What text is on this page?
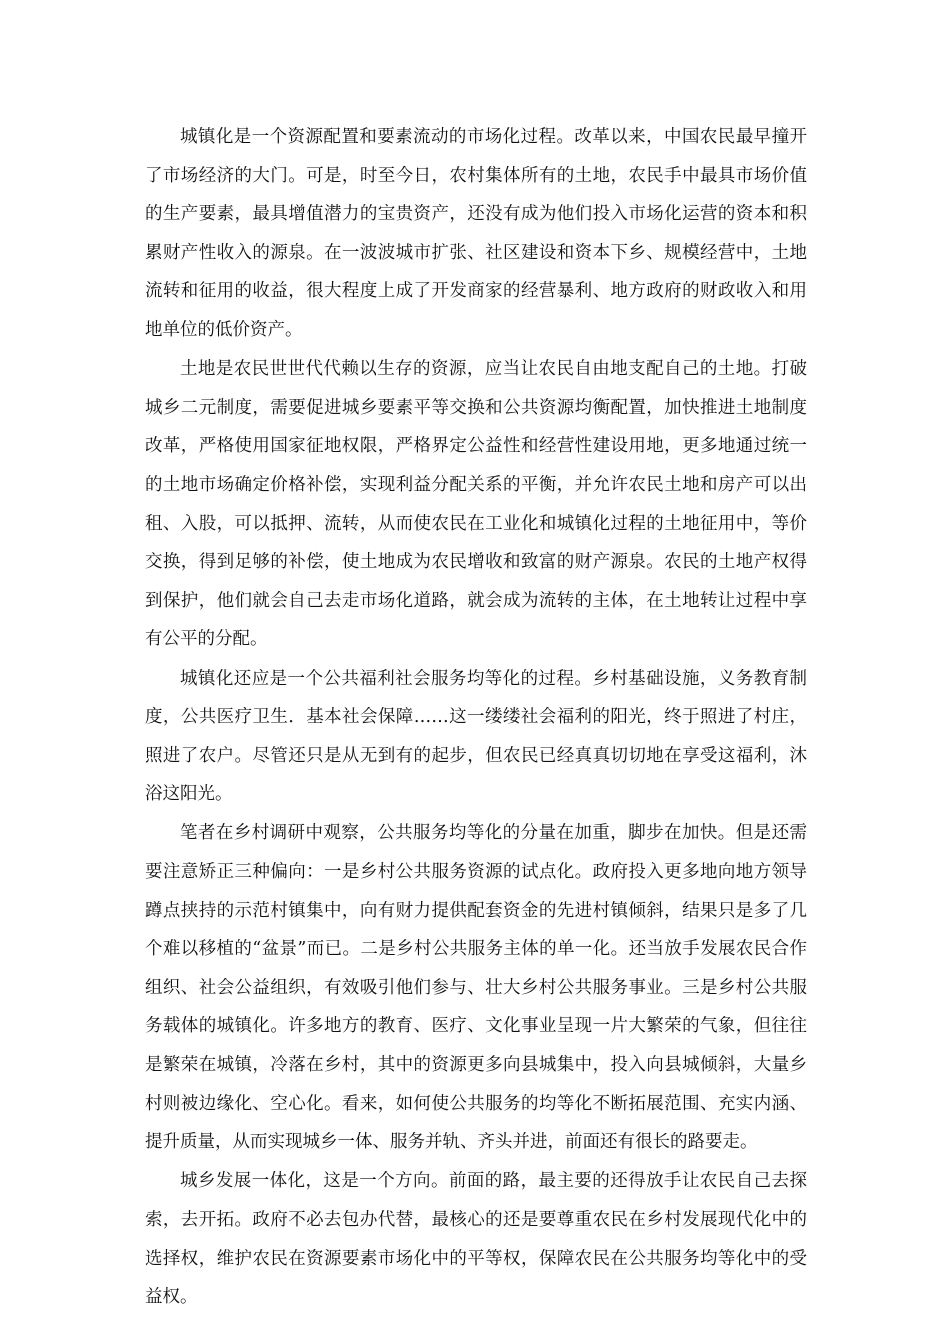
城镇化是一个资源配置和要素流动的市场化过程。改革以来，中国农民最早撞开了市场经济的大门。可是，时至今日，农村集体所有的土地，农民手中最具市场价值的生产要素，最具增值潜力的宝贵资产，还没有成为他们投入市场化运营的资本和积累财产性收入的源泉。在一波波城市扩张、社区建设和资本下乡、规模经营中，土地流转和征用的收益，很大程度上成了开发商家的经营暴利、地方政府的财政收入和用地单位的低价资产。

土地是农民世世代代赖以生存的资源，应当让农民自由地支配自己的土地。打破城乡二元制度，需要促进城乡要素平等交换和公共资源均衡配置，加快推进土地制度改革，严格使用国家征地权限，严格界定公益性和经营性建设用地，更多地通过统一的土地市场确定价格补偿，实现利益分配关系的平衡，并允许农民土地和房产可以出租、入股，可以抵押、流转，从而使农民在工业化和城镇化过程的土地征用中，等价交换，得到足够的补偿，使土地成为农民增收和致富的财产源泉。农民的土地产权得到保护，他们就会自己去走市场化道路，就会成为流转的主体，在土地转让过程中享有公平的分配。

城镇化还应是一个公共福利社会服务均等化的过程。乡村基础设施，义务教育制度，公共医疗卫生．基本社会保障……这一缕缕社会福利的阳光，终于照进了村庄，照进了农户。尽管还只是从无到有的起步，但农民已经真真切切地在享受这福利，沐浴这阳光。

笔者在乡村调研中观察，公共服务均等化的分量在加重，脚步在加快。但是还需要注意矫正三种偏向：一是乡村公共服务资源的试点化。政府投入更多地向地方领导蹲点挟持的示范村镇集中，向有财力提供配套资金的先进村镇倾斜，结果只是多了几个难以移植的“盆景”而已。二是乡村公共服务主体的单一化。还当放手发展农民合作组织、社会公益组织，有效吸引他们参与、壮大乡村公共服务事业。三是乡村公共服务载体的城镇化。许多地方的教育、医疗、文化事业呈现一片大繁荣的气象，但往往是繁荣在城镇，冷落在乡村，其中的资源更多向县城集中，投入向县城倾斜，大量乡村则被边缘化、空心化。看来，如何使公共服务的均等化不断拓展范围、充实内涵、提升质量，从而实现城乡一体、服务并轨、齐头并进，前面还有很长的路要走。

城乡发展一体化，这是一个方向。前面的路，最主要的还得放手让农民自己去探索，去开拓。政府不必去包办代替，最核心的还是要尊重农民在乡村发展现代化中的选择权，维护农民在资源要素市场化中的平等权，保障农民在公共服务均等化中的受益权。
